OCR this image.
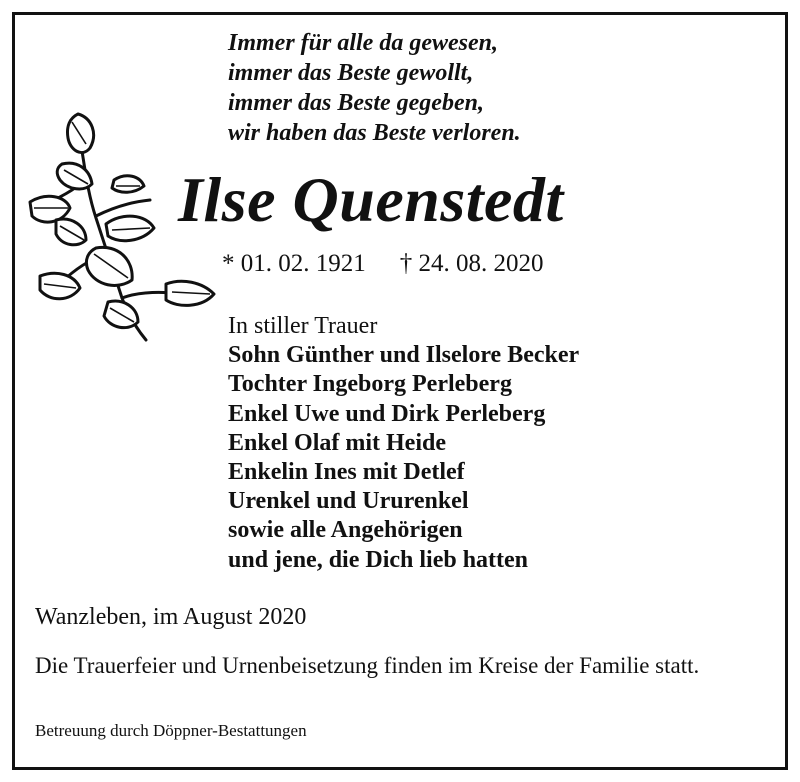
Immer für alle da gewesen,
immer das Beste gewollt,
immer das Beste gegeben,
wir haben das Beste verloren.
Ilse Quenstedt
* 01. 02. 1921 † 24. 08. 2020
In stiller Trauer
Sohn Günther und Ilselore Becker
Tochter Ingeborg Perleberg
Enkel Uwe und Dirk Perleberg
Enkel Olaf mit Heide
Enkelin Ines mit Detlef
Urenkel und Ururenkel
sowie alle Angehörigen
und jene, die Dich lieb hatten
Wanzleben, im August 2020
Die Trauerfeier und Urnenbeisetzung finden im Kreise der Familie statt.
Betreuung durch Döppner-Bestattungen
